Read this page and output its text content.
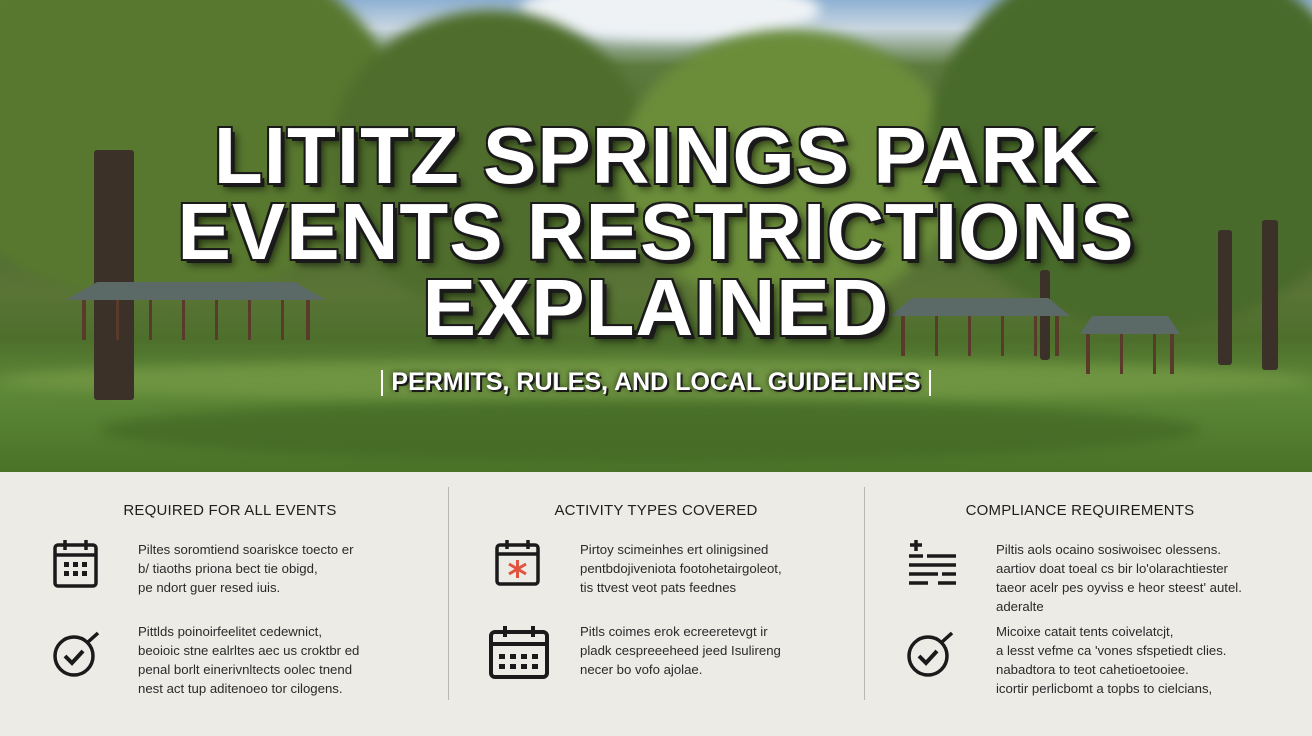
LITITZ SPRINGS PARK
EVENTS RESTRICTIONS
EXPLAINED
PERMITS, RULES, AND LOCAL GUIDELINES
REQUIRED FOR ALL EVENTS
Piltes soromtiend soariskce toecto er
b/ tiaoths priona bect tie obigd,
pe ndort guer resed iuis.
Pittlds poinoirfeelitet cedewnict,
beoioic stne ealrltes aec us croktbr ed
penal borlt einerivnltects oolec tnend
nest act tup aditenoeo tor cilogens.
ACTIVITY TYPES COVERED
Pirtoy scimeinhes ert olinigsined
pentbdojiveniota footohetairgoleot,
tis ttvest veot pats feednes
Pitls coimes erok ecreeretevgt ir
pladk cespreeeheed jeed Isulireng
necer bo vofo ajolae.
COMPLIANCE REQUIREMENTS
Piltis aols ocaino sosiwoisec olessens.
aartiov doat toeal cs bir lo'olarachtiester
taeor acelr pes oyviss e heor steest' autel.
aderalte
Micoixe catait tents coivelatcjt,
a lesst vefme ca 'vones sfspetiedt clies.
nabadtora to teot cahetioetooiee.
icortir perlicbomt a topbs to cielcians,
